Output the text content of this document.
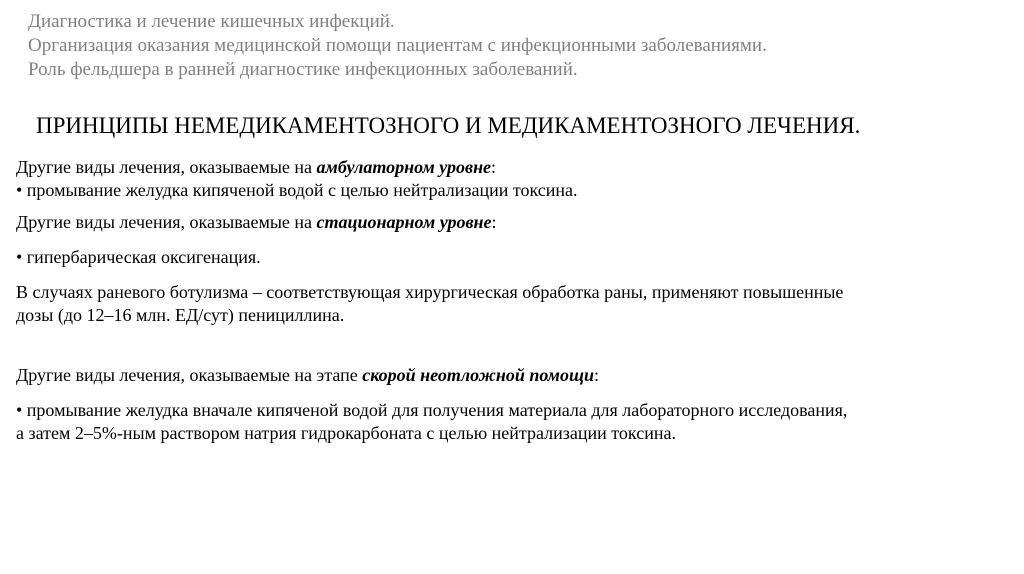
Диагностика и лечение кишечных инфекций.
Организация оказания медицинской помощи пациентам с инфекционными заболеваниями.
Роль фельдшера в ранней диагностике инфекционных заболеваний.
ПРИНЦИПЫ НЕМЕДИКАМЕНТОЗНОГО И МЕДИКАМЕНТОЗНОГО ЛЕЧЕНИЯ.

Другие виды лечения, оказываемые на амбулаторном уровне:

• промывание желудка кипяченой водой с целью нейтрализации токсина.

Другие виды лечения, оказываемые на стационарном уровне:

• гипербарическая оксигенация.

В случаях раневого ботулизма – соответствующая хирургическая обработка раны, применяют повышенные

дозы (до 12–16 млн. ЕД/сут) пенициллина.

Другие виды лечения, оказываемые на этапе скорой неотложной помощи:

• промывание желудка вначале кипяченой водой для получения материала для лабораторного исследования,

а затем 2–5%-ным раствором натрия гидрокарбоната с целью нейтрализации токсина.
